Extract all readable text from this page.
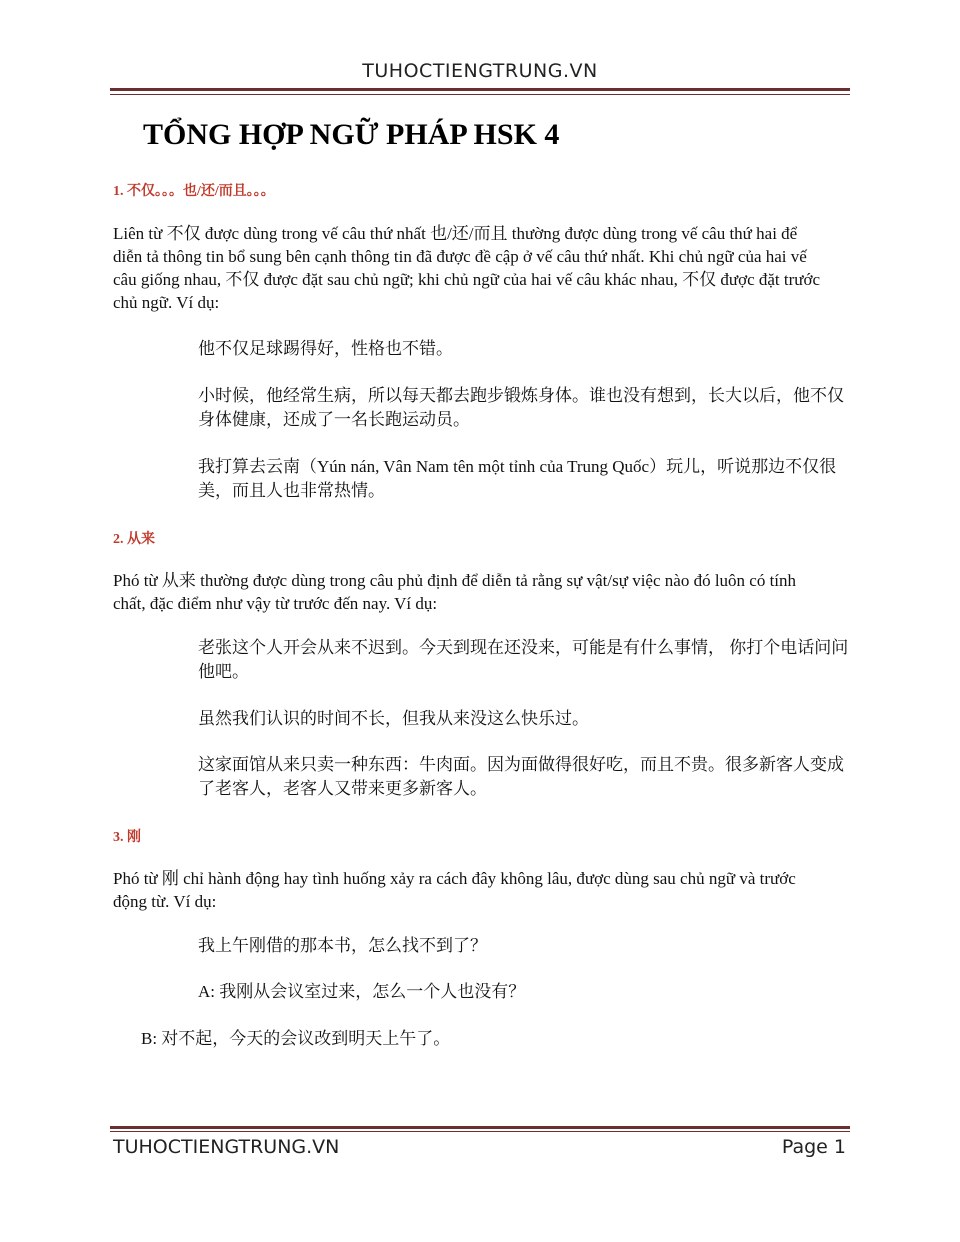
TUHOCTIENGTRUNG.VN
TỔNG HỢP NGỮ PHÁP HSK 4
1. 不仅。。。也/还/而且。。。
Liên từ 不仅 được dùng trong vế câu thứ nhất 也/还/而且 thường được dùng trong vế câu thứ hai để diễn tả thông tin bổ sung bên cạnh thông tin đã được đề cập ở vế câu thứ nhất. Khi chủ ngữ của hai vế câu giống nhau, 不仅 được đặt sau chủ ngữ; khi chủ ngữ của hai vế câu khác nhau, 不仅 được đặt trước chủ ngữ. Ví dụ:
他不仅足球踢得好，性格也不错。
小时候，他经常生病，所以每天都去跑步锻炼身体。谁也没有想到，长大以后，他不仅身体健康，还成了一名长跑运动员。
我打算去云南（Yún nán, Vân Nam tên một tỉnh của Trung Quốc）玩儿，听说那边不仅很美，而且人也非常热情。
2. 从来
Phó từ 从来 thường được dùng trong câu phủ định để diễn tả rằng sự vật/sự việc nào đó luôn có tính chất, đặc điểm như vậy từ trước đến nay. Ví dụ:
老张这个人开会从来不迟到。今天到现在还没来，可能是有什么事情， 你打个电话问问他吧。
虽然我们认识的时间不长，但我从来没这么快乐过。
这家面馆从来只卖一种东西：牛肉面。因为面做得很好吃，而且不贵。很多新客人变成了老客人，老客人又带来更多新客人。
3. 刚
Phó từ 刚 chỉ hành động hay tình huống xảy ra cách đây không lâu, được dùng sau chủ ngữ và trước động từ. Ví dụ:
我上午刚借的那本书，怎么找不到了？
A: 我刚从会议室过来，怎么一个人也没有？
B: 对不起，今天的会议改到明天上午了。
TUHOCTIENGTRUNG.VN	Page 1
